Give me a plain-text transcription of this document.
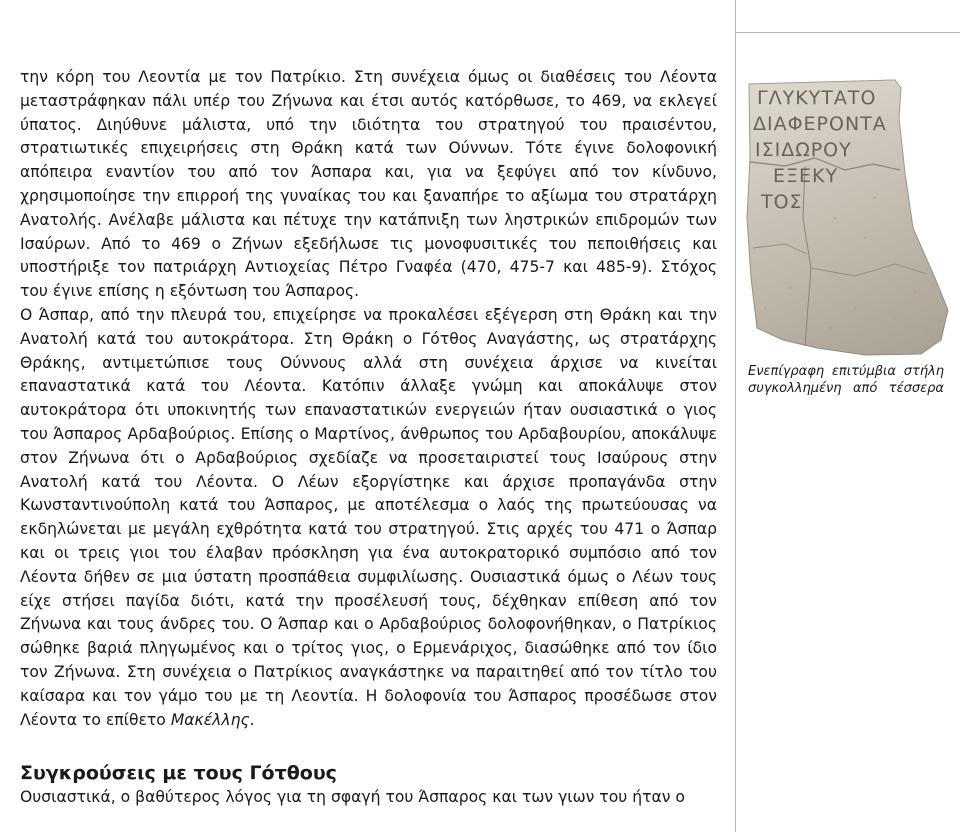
την κόρη του Λεοντία με τον Πατρίκιο. Στη συνέχεια όμως οι διαθέσεις του Λέοντα μεταστράφηκαν πάλι υπέρ του Ζήνωνα και έτσι αυτός κατόρθωσε, το 469, να εκλεγεί ύπατος. Διηύθυνε μάλιστα, υπό την ιδιότητα του στρατηγού του πραισέντου, στρατιωτικές επιχειρήσεις στη Θράκη κατά των Ούννων. Τότε έγινε δολοφονική απόπειρα εναντίον του από τον Άσπαρα και, για να ξεφύγει από τον κίνδυνο, χρησιμοποίησε την επιρροή της γυναίκας του και ξαναπήρε το αξίωμα του στρατάρχη Ανατολής. Ανέλαβε μάλιστα και πέτυχε την κατάπνιξη των ληστρικών επιδρομών των Ισαύρων. Από το 469 ο Ζήνων εξεδήλωσε τις μονοφυσιτικές του πεποιθήσεις και υποστήριξε τον πατριάρχη Αντιοχείας Πέτρο Γναφέα (470, 475-7 και 485-9). Στόχος του έγινε επίσης η εξόντωση του Άσπαρος.

Ο Άσπαρ, από την πλευρά του, επιχείρησε να προκαλέσει εξέγερση στη Θράκη και την Ανατολή κατά του αυτοκράτορα. Στη Θράκη ο Γότθος Αναγάστης, ως στρατάρχης Θράκης, αντιμετώπισε τους Ούννους αλλά στη συνέχεια άρχισε να κινείται επαναστατικά κατά του Λέοντα. Κατόπιν άλλαξε γνώμη και αποκάλυψε στον αυτοκράτορα ότι υποκινητής των επαναστατικών ενεργειών ήταν ουσιαστικά ο γιος του Άσπαρος Αρδαβούριος. Επίσης ο Μαρτίνος, άνθρωπος του Αρδαβουρίου, αποκάλυψε στον Ζήνωνα ότι ο Αρδαβούριος σχεδίαζε να προσεταιριστεί τους Ισαύρους στην Ανατολή κατά του Λέοντα. Ο Λέων εξοργίστηκε και άρχισε προπαγάνδα στην Κωνσταντινούπολη κατά του Άσπαρος, με αποτέλεσμα ο λαός της πρωτεύουσας να εκδηλώνεται με μεγάλη εχθρότητα κατά του στρατηγού. Στις αρχές του 471 ο Άσπαρ και οι τρεις γιοι του έλαβαν πρόσκληση για ένα αυτοκρατορικό συμπόσιο από τον Λέοντα δήθεν σε μια ύστατη προσπάθεια συμφιλίωσης. Ουσιαστικά όμως ο Λέων τους είχε στήσει παγίδα διότι, κατά την προσέλευσή τους, δέχθηκαν επίθεση από τον Ζήνωνα και τους άνδρες του. Ο Άσπαρ και ο Αρδαβούριος δολοφονήθηκαν, ο Πατρίκιος σώθηκε βαριά πληγωμένος και ο τρίτος γιος, ο Ερμενάριχος, διασώθηκε από τον ίδιο τον Ζήνωνα. Στη συνέχεια ο Πατρίκιος αναγκάστηκε να παραιτηθεί από τον τίτλο του καίσαρα και τον γάμο του με τη Λεοντία. Η δολοφονία του Άσπαρος προσέδωσε στον Λέοντα το επίθετο Μακέλλης.

Συγκρούσεις με τους Γότθους

Ουσιαστικά, ο βαθύτερος λόγος για τη σφαγή του Άσπαρος και των γιων του ήταν ο

ΓΛΥΚΥΤΑΤΟ
ΔΙΑΦΕΡΟΝΤΑ
ΙΣΙΔΩΡΟΥ
ΕΞΕΚΥ
ΤΟΣ
Ενεπίγραφη επιτύμβια στήλη συγκολλημένη από τέσσερα
